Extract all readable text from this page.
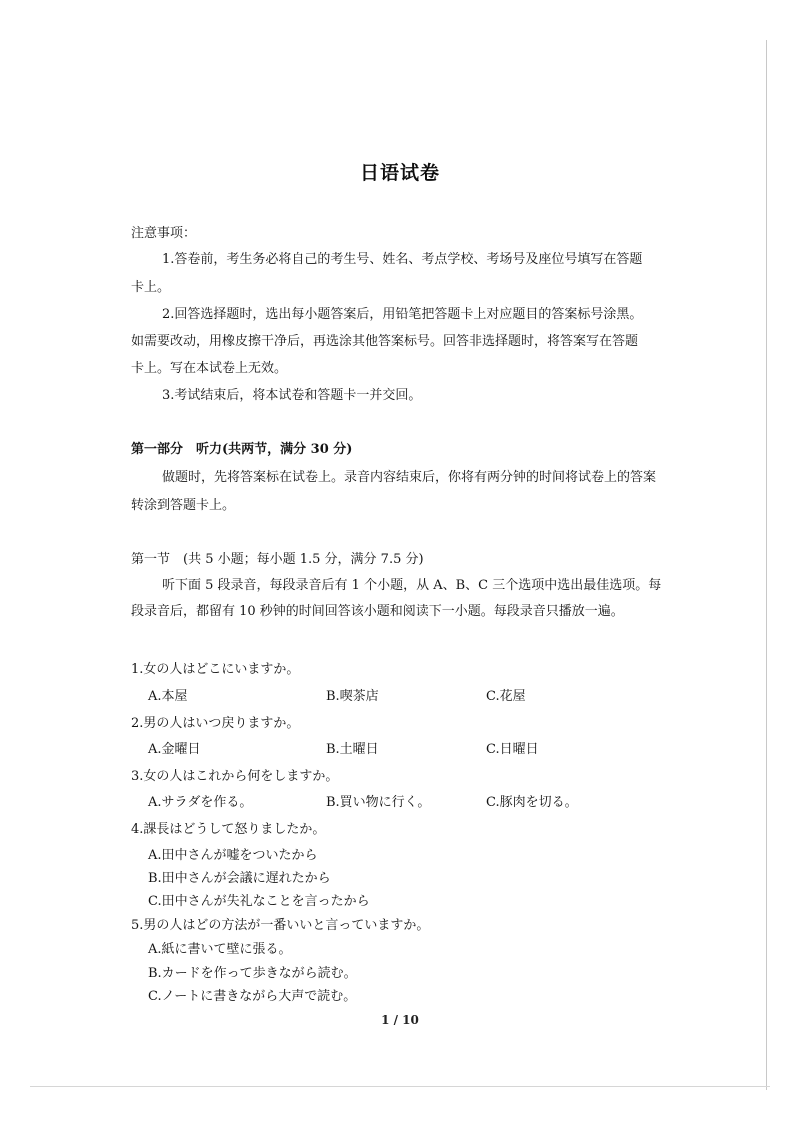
日语试卷
注意事项：
1.答卷前，考生务必将自己的考生号、姓名、考点学校、考场号及座位号填写在答题
卡上。
2.回答选择题时，选出每小题答案后，用铅笔把答题卡上对应题目的答案标号涂黑。
如需要改动，用橡皮擦干净后，再选涂其他答案标号。回答非选择题时，将答案写在答题
卡上。写在本试卷上无效。
3.考试结束后，将本试卷和答题卡一并交回。
第一部分　听力(共两节，满分 30 分)
做题时，先将答案标在试卷上。录音内容结束后，你将有两分钟的时间将试卷上的答案
转涂到答题卡上。
第一节　(共 5 小题；每小题 1.5 分，满分 7.5 分)
听下面 5 段录音，每段录音后有 1 个小题，从 A、B、C 三个选项中选出最佳选项。每
段录音后，都留有 10 秒钟的时间回答该小题和阅读下一小题。每段录音只播放一遍。
1.女の人はどこにいますか。
A.本屋	B.喫茶店	C.花屋
2.男の人はいつ戻りますか。
A.金曜日	B.土曜日	C.日曜日
3.女の人はこれから何をしますか。
A.サラダを作る。	B.買い物に行く。	C.豚肉を切る。
4.課長はどうして怒りましたか。
A.田中さんが嘘をついたから
B.田中さんが会議に遅れたから
C.田中さんが失礼なことを言ったから
5.男の人はどの方法が一番いいと言っていますか。
A.紙に書いて壁に張る。
B.カードを作って歩きながら読む。
C.ノートに書きながら大声で読む。
1 / 10
